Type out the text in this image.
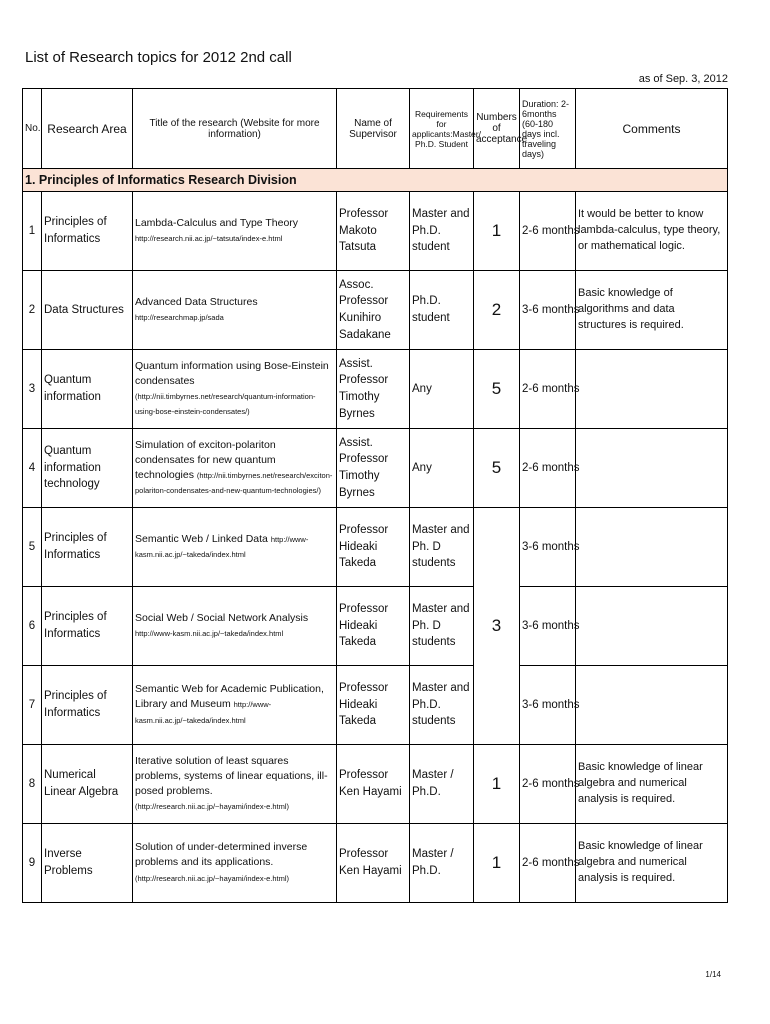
List of Research topics for 2012 2nd call
as of Sep. 3, 2012
No.	Research Area	Title of the research (Website for more information)	Name of Supervisor	Requirements for applicants:Master/ Ph.D. Student	Numbers of acceptance	Duration: 2-6months (60-180 days incl. traveling days)	Comments
1. Principles of Informatics Research Division							
1	Principles of Informatics	Lambda-Calculus and Type Theory http://research.nii.ac.jp/~tatsuta/index-e.html	Professor Makoto Tatsuta	Master and Ph.D. student	1	2-6 months	It would be better to know lambda-calculus, type theory, or mathematical logic.
2	Data Structures	Advanced Data Structures http://researchmap.jp/sada	Assoc. Professor Kunihiro Sadakane	Ph.D. student	2	3-6 months	Basic knowledge of algorithms and data structures is required.
3	Quantum information	Quantum information using Bose-Einstein condensates (http://nii.timbyrnes.net/research/quantum-information-using-bose-einstein-condensates/)	Assist. Professor Timothy Byrnes	Any	5	2-6 months	
4	Quantum information technology	Simulation of exciton-polariton condensates for new quantum technologies (http://nii.timbyrnes.net/research/exciton-polariton-condensates-and-new-quantum-technologies/)	Assist. Professor Timothy Byrnes	Any	5	2-6 months	
5	Principles of Informatics	Semantic Web / Linked Data http://www-kasm.nii.ac.jp/~takeda/index.html	Professor Hideaki Takeda	Master and Ph. D students	3	3-6 months	
6	Principles of Informatics	Social Web / Social Network Analysis http://www-kasm.nii.ac.jp/~takeda/index.html	Professor Hideaki Takeda	Master and Ph. D students		3-6 months	
7	Principles of Informatics	Semantic Web for Academic Publication, Library and Museum http://www-kasm.nii.ac.jp/~takeda/index.html	Professor Hideaki Takeda	Master and Ph.D. students		3-6 months	
8	Numerical Linear Algebra	Iterative solution of least squares problems, systems of linear equations, ill-posed problems. (http://research.nii.ac.jp/~hayami/index-e.html)	Professor Ken Hayami	Master / Ph.D.	1	2-6 months	Basic knowledge of linear algebra and numerical analysis is required.
9	Inverse Problems	Solution of under-determined inverse problems and its applications. (http://research.nii.ac.jp/~hayami/index-e.html)	Professor Ken Hayami	Master / Ph.D.	1	2-6 months	Basic knowledge of linear algebra and numerical analysis is required.
1/14
